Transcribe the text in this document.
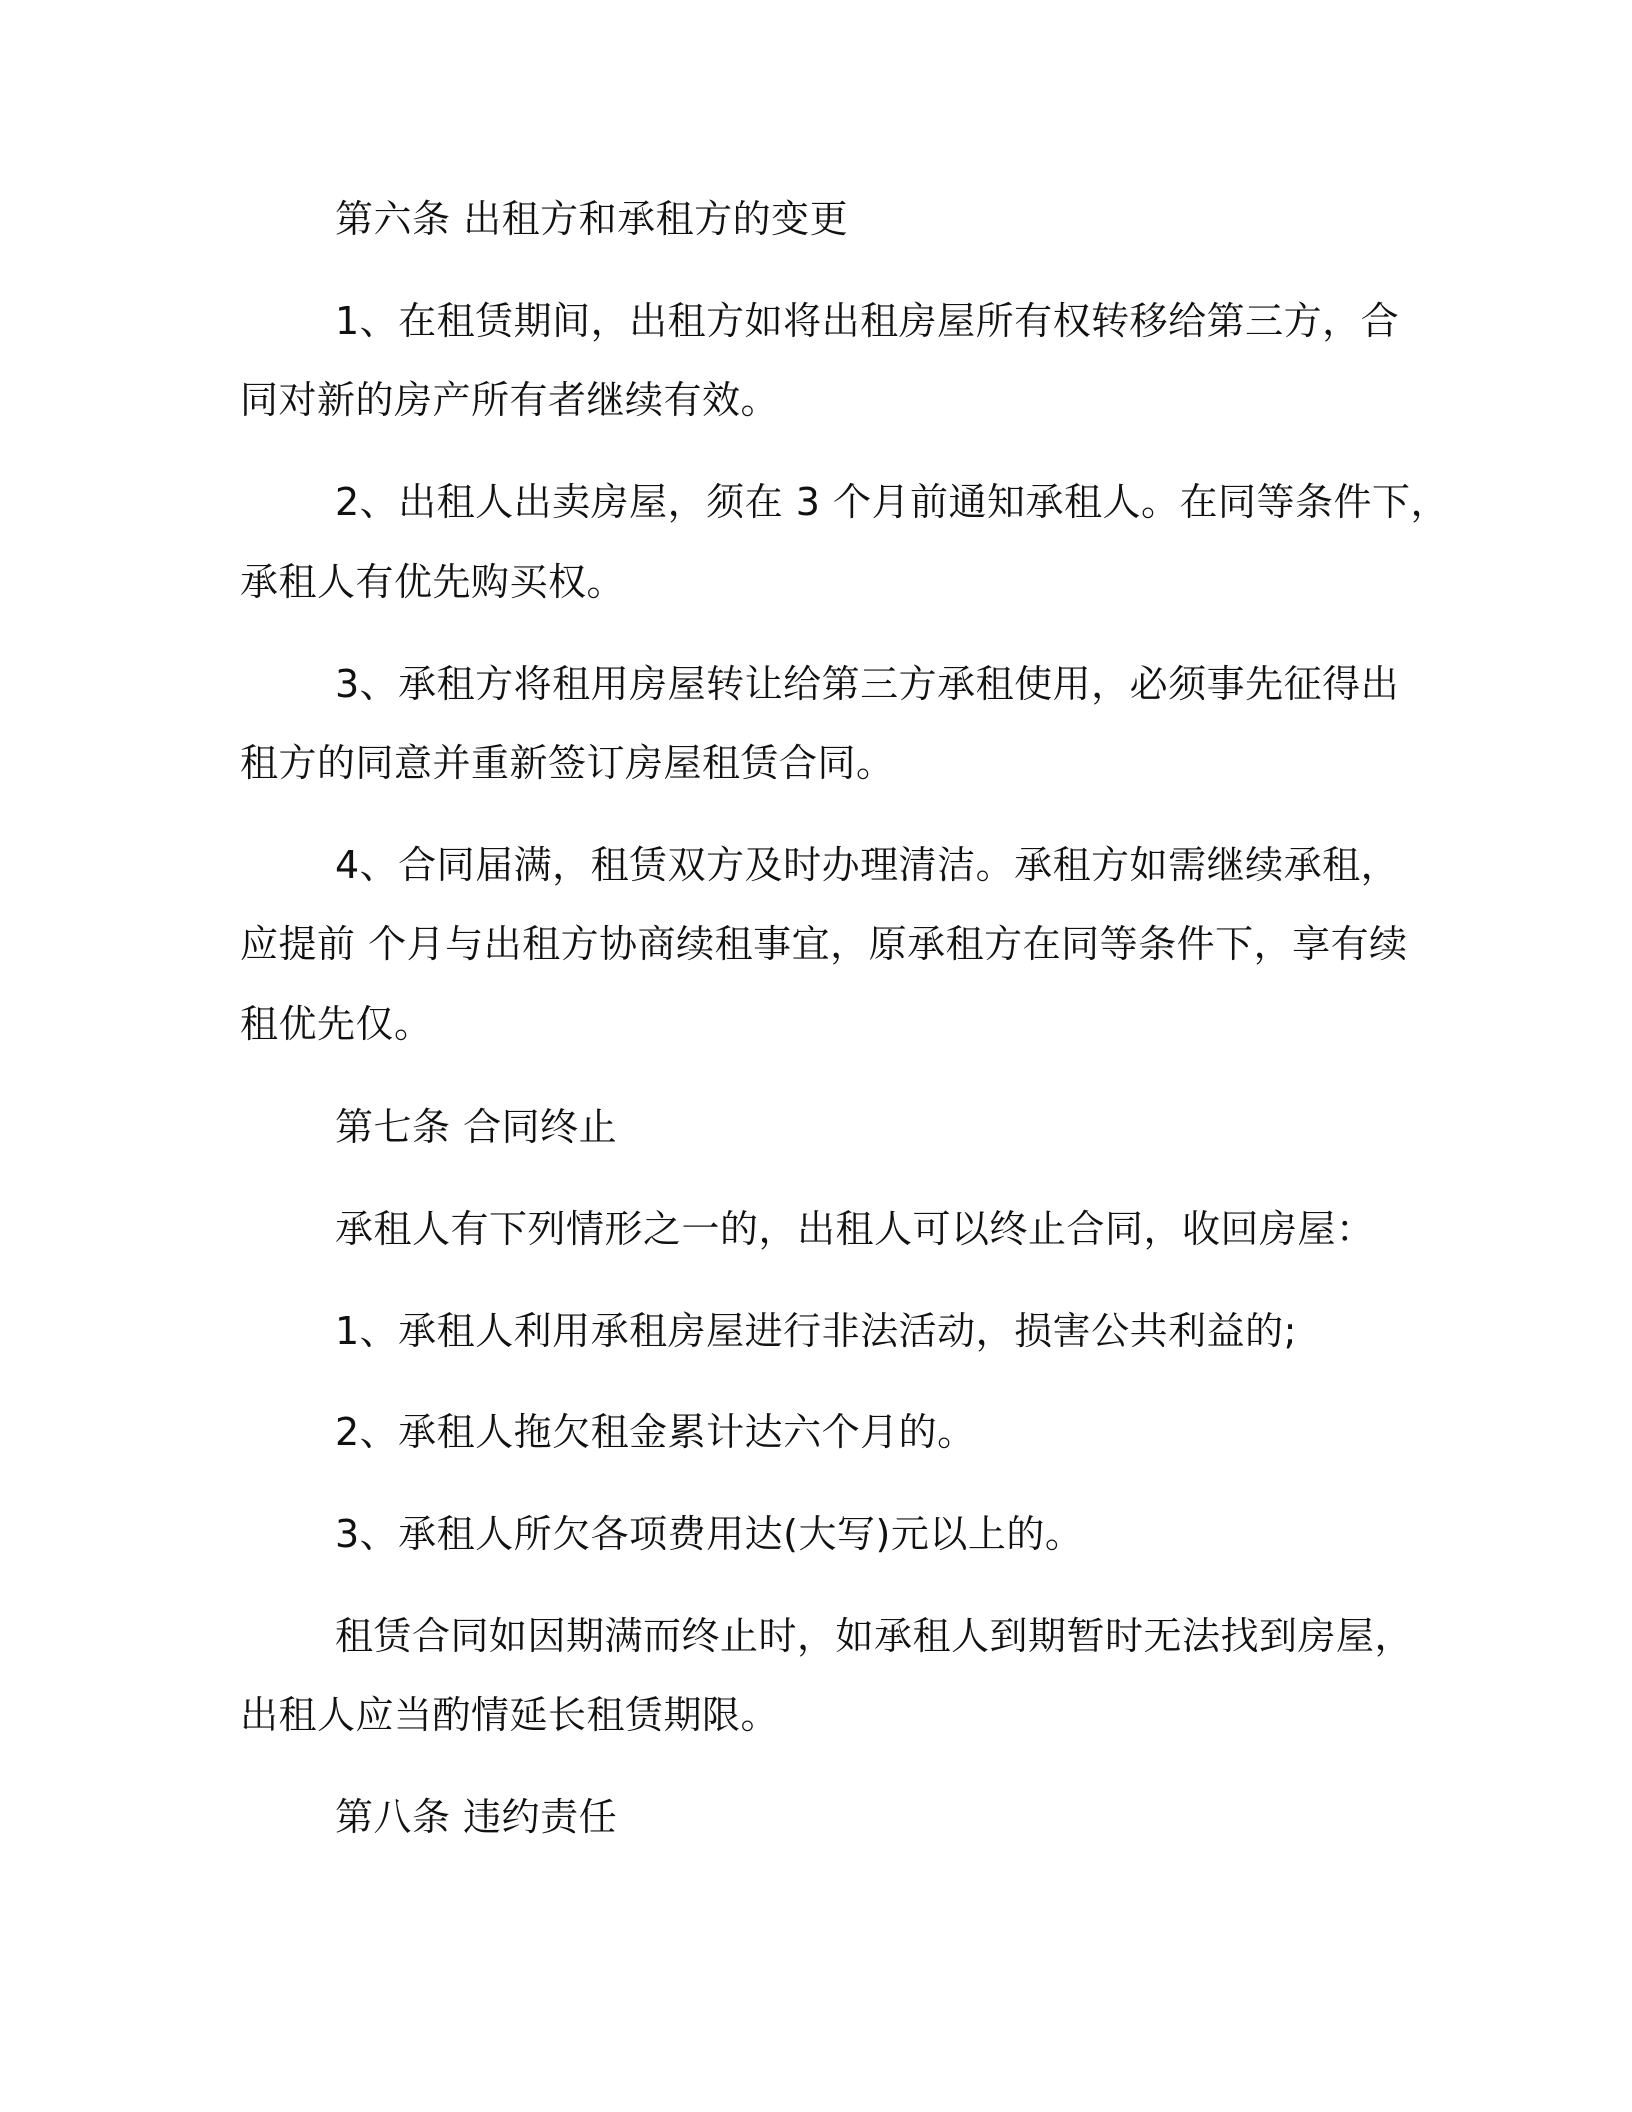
第六条 出租方和承租方的变更
1、在租赁期间，出租方如将出租房屋所有权转移给第三方，合
同对新的房产所有者继续有效。
2、出租人出卖房屋，须在 3 个月前通知承租人。在同等条件下，
承租人有优先购买权。
3、承租方将租用房屋转让给第三方承租使用，必须事先征得出
租方的同意并重新签订房屋租赁合同。
4、合同届满，租赁双方及时办理清洁。承租方如需继续承租，
应提前 个月与出租方协商续租事宜，原承租方在同等条件下，享有续
租优先仅。
第七条 合同终止
承租人有下列情形之一的，出租人可以终止合同，收回房屋：
1、承租人利用承租房屋进行非法活动，损害公共利益的;
2、承租人拖欠租金累计达六个月的。
3、承租人所欠各项费用达(大写)元以上的。
租赁合同如因期满而终止时，如承租人到期暂时无法找到房屋，
出租人应当酌情延长租赁期限。
第八条 违约责任
